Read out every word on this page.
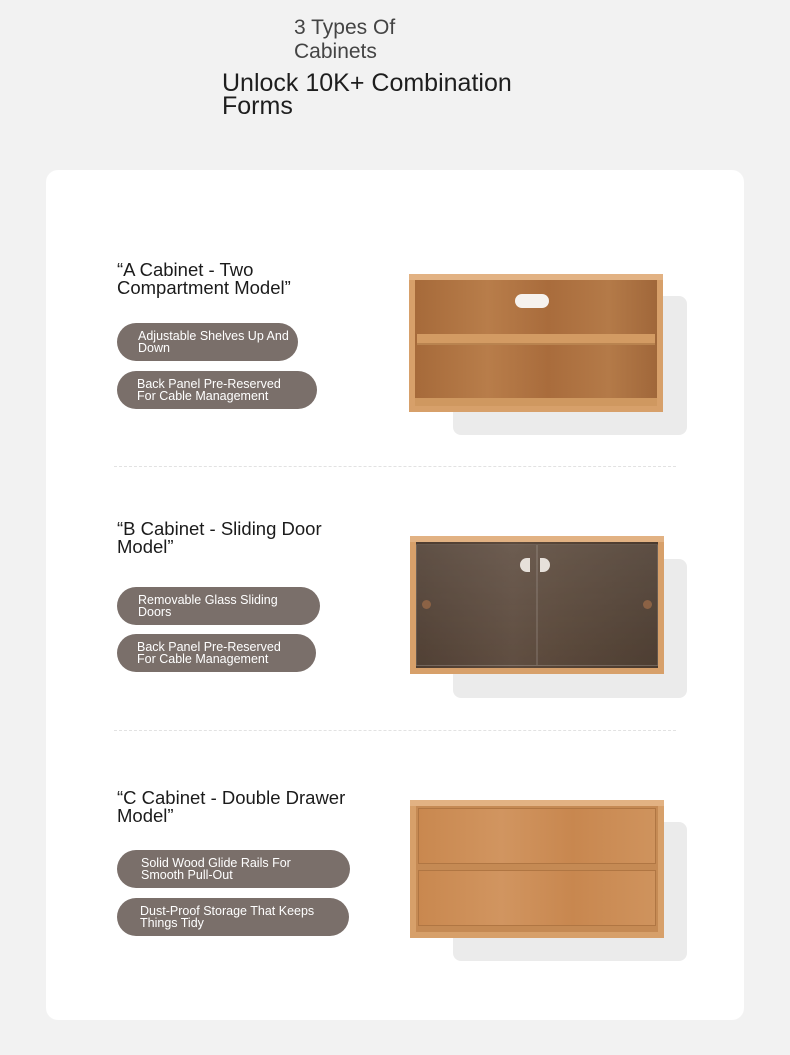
3 Types Of Cabinets
Unlock 10K+ Combination Forms
“A Cabinet - Two Compartment Model”
Adjustable Shelves Up And Down
Back Panel Pre-Reserved For Cable Management
“B Cabinet - Sliding Door Model”
Removable Glass Sliding Doors
Back Panel Pre-Reserved For Cable Management
“C Cabinet - Double Drawer Model”
Solid Wood Glide Rails For Smooth Pull-Out
Dust-Proof Storage That Keeps Things Tidy
